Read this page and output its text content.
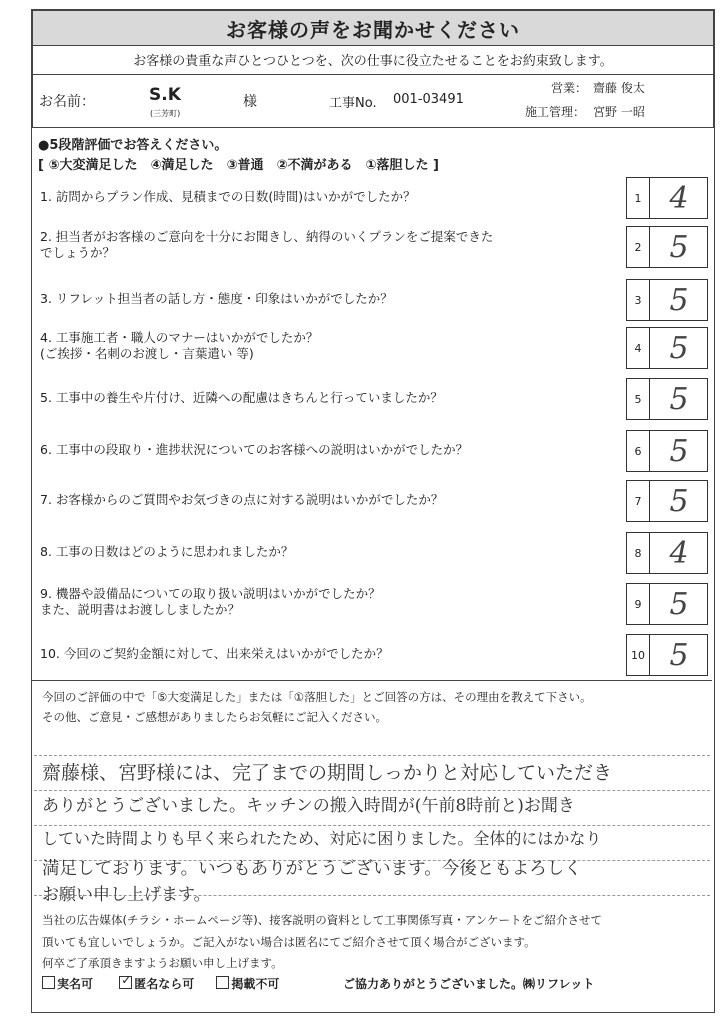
お客様の声をお聞かせください
お客様の貴重な声ひとつひとつを、次の仕事に役立たせることをお約束致します。
お名前：	S.K
(三芳町)
様	工事No. 001-03491
営業： 齋藤 俊太
施工管理： 宮野 一昭
●5段階評価でお答えください。
[ ⑤大変満足した　④満足した　③普通　②不満がある　①落胆した ]
1. 訪問からプラン作成、見積までの日数(時間)はいかがでしたか？	1 4
2. 担当者がお客様のご意向を十分にお聞きし、納得のいくプランをご提案できた
でしょうか？	2 5
3. リフレット担当者の話し方・態度・印象はいかがでしたか？	3 5
4. 工事施工者・職人のマナーはいかがでしたか？
(ご挨拶・名刺のお渡し・言葉遣い 等)	4 5
5. 工事中の養生や片付け、近隣への配慮はきちんと行っていましたか？	5 5
6. 工事中の段取り・進捗状況についてのお客様への説明はいかがでしたか？	6 5
7. お客様からのご質問やお気づきの点に対する説明はいかがでしたか？	7 5
8. 工事の日数はどのように思われましたか？	8 4
9. 機器や設備品についての取り扱い説明はいかがでしたか？
また、説明書はお渡ししましたか？	9 5
10. 今回のご契約金額に対して、出来栄えはいかがでしたか？	10 5
今回のご評価の中で「⑤大変満足した」または「①落胆した」とご回答の方は、その理由を教えて下さい。
その他、ご意見・ご感想がありましたらお気軽にご記入ください。
齋藤様、宮野様には、完了までの期間しっかりと対応していただき
ありがとうございました。キッチンの搬入時間が(午前8時前と)お聞き
していた時間よりも早く来られたため、対応に困りました。全体的にはかなり
満足しております。いつもありがとうございます。今後ともよろしく
お願い申し上げます。
当社の広告媒体(チラシ・ホームページ等)、接客説明の資料として工事関係写真・アンケートをご紹介させて
頂いても宜しいでしょうか。ご記入がない場合は匿名にてご紹介させて頂く場合がございます。
何卒ご了承頂きますようお願い申し上げます。
実名可 ✓ 匿名なら可	掲載不可	ご協力ありがとうございました。㈱リフレット
